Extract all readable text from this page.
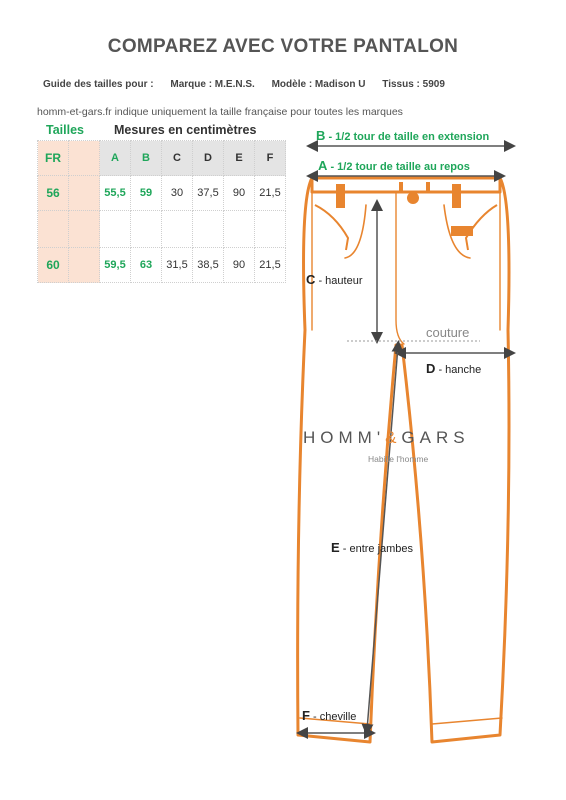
COMPAREZ AVEC VOTRE PANTALON
Guide des tailles pour : Marque : M.E.N.S. Modèle : Madison U Tissus : 5909
homm-et-gars.fr indique uniquement la taille française pour toutes les marques
Tailles Mesures en centimètres
FR		A	B	C	D	E	F
56		55,5	59	30	37,5	90	21,5

60		59,5	63	31,5	38,5	90	21,5
B - 1/2 tour de taille en extension
A - 1/2 tour de taille au repos
C - hauteur
couture
D - hanche
HOMM'&GARS
Habille l'homme
E - entre jambes
F - cheville
